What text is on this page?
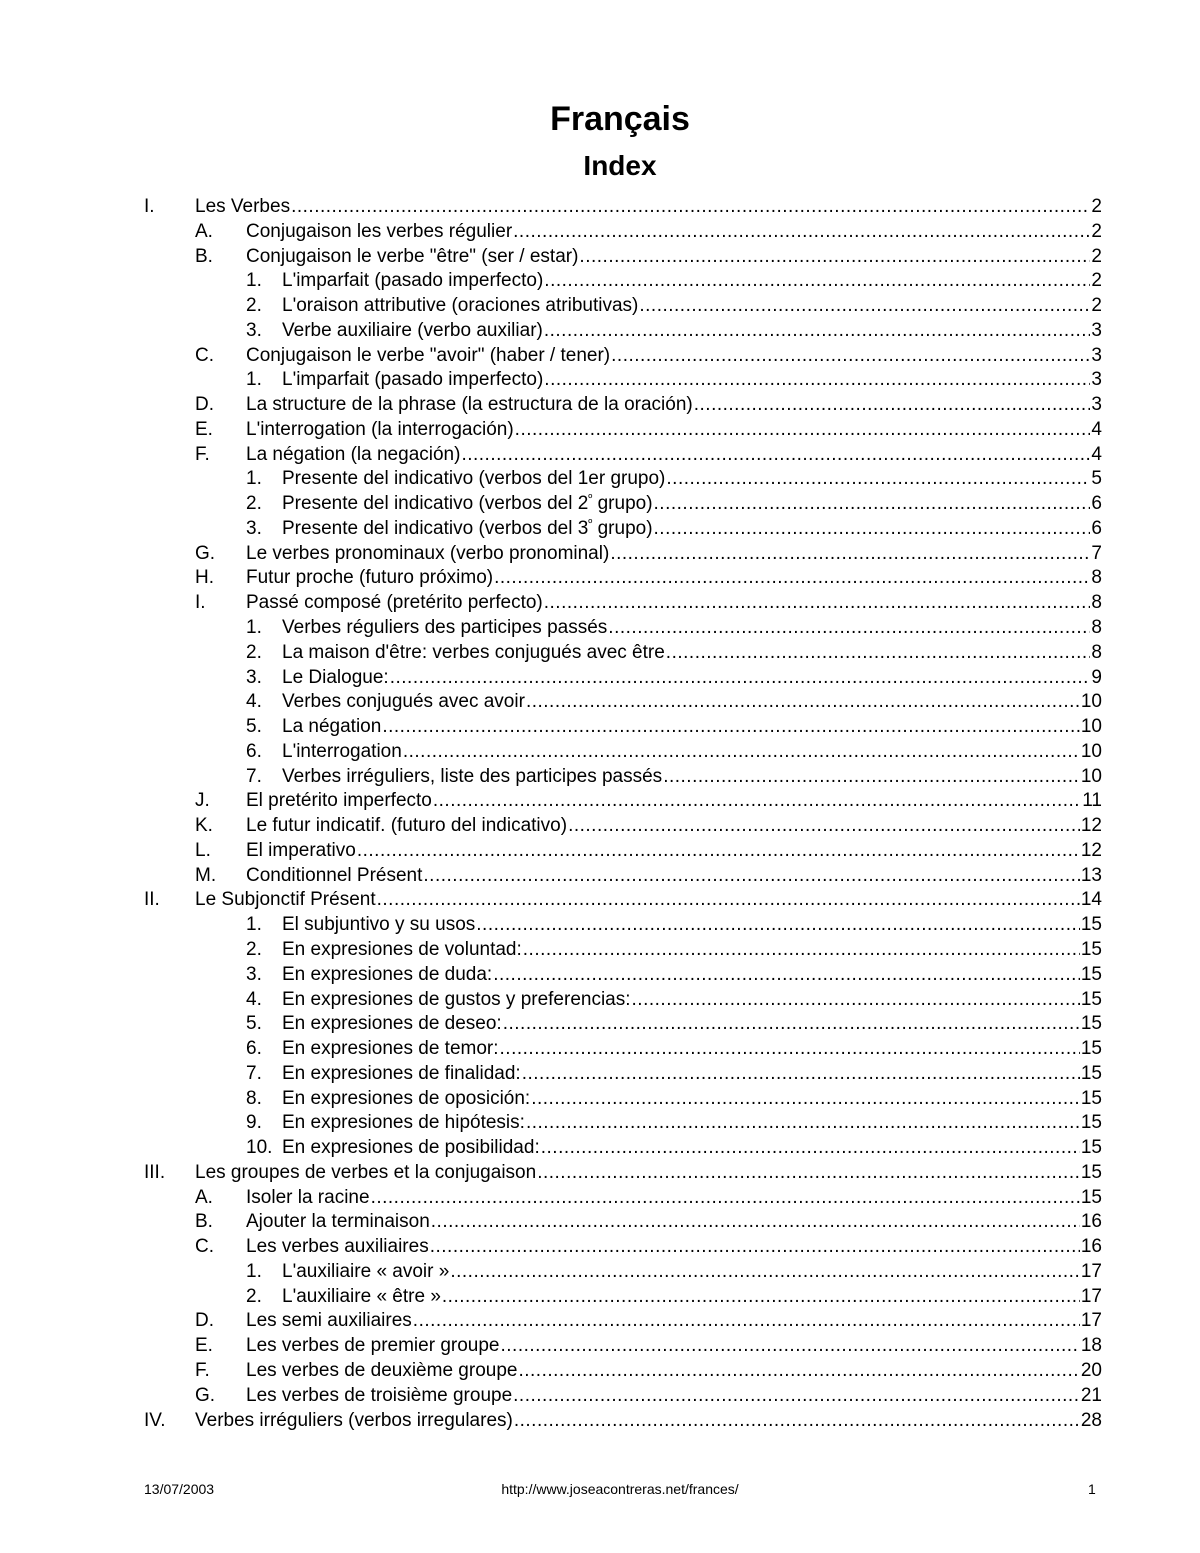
Français
Index
I.	Les Verbes .....	2
A.	Conjugaison les verbes régulier .....	2
B.	Conjugaison le verbe "être" (ser / estar) .....	2
1.	L'imparfait (pasado imperfecto) .....	2
2.	L'oraison attributive (oraciones atributivas) .....	2
3.	Verbe auxiliaire (verbo auxiliar) .....	3
C.	Conjugaison le verbe "avoir" (haber / tener) .....	3
1.	L'imparfait (pasado imperfecto) .....	3
D.	La structure de la phrase (la estructura de la oración) .....	3
E.	L'interrogation (la interrogación) .....	4
F.	La négation (la negación) .....	4
1.	Presente del indicativo (verbos del 1er grupo) .....	5
2.	Presente del indicativo (verbos del $2^º$ grupo) .....	6
3.	Presente del indicativo (verbos del $3^º$ grupo) .....	6
G.	Le verbes pronominaux (verbo pronominal) .....	7
H.	Futur proche (futuro próximo) .....	8
I.	Passé composé (pretérito perfecto) .....	8
1.	Verbes réguliers des participes passés .....	8
2.	La maison d'être: verbes conjugués avec être .....	8
3.	Le Dialogue: .....	9
4.	Verbes conjugués avec avoir .....	10
5.	La négation .....	10
6.	L'interrogation .....	10
7.	Verbes irréguliers, liste des participes passés .....	10
J.	El pretérito imperfecto .....	11
K.	Le futur indicatif. (futuro del indicativo) .....	12
L.	El imperativo .....	12
M.	Conditionnel Présent .....	13
II.	Le Subjonctif Présent .....	14
1.	El subjuntivo y su usos .....	15
2.	En expresiones de voluntad: .....	15
3.	En expresiones de duda: .....	15
4.	En expresiones de gustos y preferencias: .....	15
5.	En expresiones de deseo: .....	15
6.	En expresiones de temor: .....	15
7.	En expresiones de finalidad: .....	15
8.	En expresiones de oposición: .....	15
9.	En expresiones de hipótesis: .....	15
10. En expresiones de posibilidad: .....	15
III.	Les groupes de verbes et la conjugaison .....	15
A.	Isoler la racine .....	15
B.	Ajouter la terminaison .....	16
C.	Les verbes auxiliaires .....	16
1.	L'auxiliaire « avoir » .....	17
2.	L'auxiliaire « être » .....	17
D.	Les semi auxiliaires .....	17
E.	Les verbes de premier groupe .....	18
F.	Les verbes de deuxième groupe .....	20
G.	Les verbes de troisième groupe .....	21
IV.	Verbes irréguliers (verbos irregulares) .....	28
13/07/2003	http://www.joseacontreras.net/frances/	1
